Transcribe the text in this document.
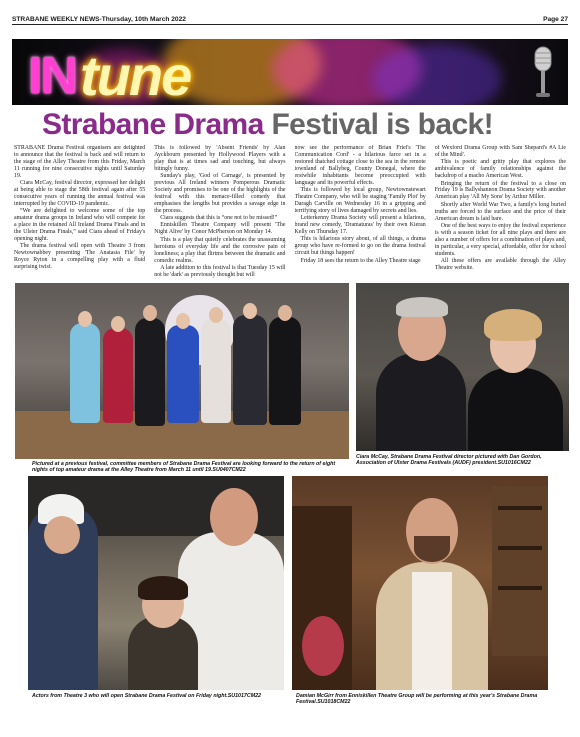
STRABANE WEEKLY NEWS-Thursday, 10th March 2022	Page 27
IN tune
Strabane Drama Festival is back!

STRABANE Drama Festival organisers are delighted to announce that the festival is back and will return to the stage of the Alley Theatre from this Friday, March 11 running for nine consecutive nights until Saturday 19.

Ciara McCay, festival director, expressed her delight at being able to stage the 58th festival again after 55 consecutive years of running the annual festival was interrupted by the COVID-19 pandemic.

“We are delighted to welcome some of the top amateur drama groups in Ireland who will compete for a place in the retained All Ireland Drama Finals and in the Ulster Drama Finals,” said Ciara ahead of Friday's opening night.

The drama festival will open with Theatre 3 from Newtownabbey presenting 'The Anatasia File' by Royce Ryton in a compelling play with a fluid surprising twist.

This is followed by 'Absent Friends' by Alan Ayckbourn presented by Hollywood Players with a play that is at times sad and touching, but always bitingly funny.

Sunday's play, 'God of Carnage', is presented by previous All Ireland winners Pomperous Dramatic Society and promises to be one of the highlights of the festival with this menace-filled comedy that emphasises the lengths but provides a savage edge in the process.

Ciara suggests that this is “one not to be missed!”

Enniskillen Theatre Company will present 'The Night Alive' by Conor McPherson on Monday 14.

This is a play that quietly celebrates the unassuming heroisms of everyday life and the corrosive pain of loneliness; a play that flirtms between the dramatic and comedic realms.

A late addition to this festival is that Tuesday 15 will not be 'dark' as previously thought but will

now see the performance of Brian Friel's 'The Communication Cord' - a hilarious farce set in a restored thatched cottage close to the sea in the remote townland of Ballybeg, County Donegal, where the erstwhile inhabitants become preoccupied with language and its powerful effects.

This is followed by local group, Newtownstewart Theatre Company, who will be staging 'Family Plot' by Daragh Carville on Wednesday 16 in a gripping and terrifying story of lives damaged by secrets and lies.

Letterkenny Drama Society will present a hilarious, brand new comedy, 'Dramaturas' by their own Kieran Kelly on Thursday 17.

This is hilarious story about, of all things, a drama group who have re-formed to go on the drama festival circuit but things happen!

Friday 18 sees the return to the Alley Theatre stage

of Wexford Drama Group with Sam Shepard's #A Lie of the Mind'.

This is poetic and gritty play that explores the ambivalence of family relationships against the backdrop of a macho American West.

Bringing the return of the festival to a close on Friday 19 is Ballyshannon Drama Society with another American play 'All My Sons' by Arthur Miller.

Shortly after World War Two, a family's long buried truths are forced to the surface and the price of their American dream is laid bare.

One of the best ways to enjoy the festival experience is with a season ticket for all nine plays and there are also a number of offers for a combination of plays and, in particular, a very special, affordable, offer for school students.

All these offers are available through the Alley Theatre website.

Pictured at a previous festival, committee members of Strabane Drama Festival are looking forward to the return of eight nights of top amateur drama at the Alley Theatre from March 11 until 19.SU0407CM22
Ciara McCay, Strabane Drama Festival director pictured with Dan Gordon, Association of Ulster Drama Festivals (AUDF) president.SU1016CM22
Actors from Theatre 3 who will open Strabane Drama Festival on Friday night.SU1017CM22	Damian McGirr from Enniskillen Theatre Group will be performing at this year's Strabane Drama Festival.SU1018CM22
